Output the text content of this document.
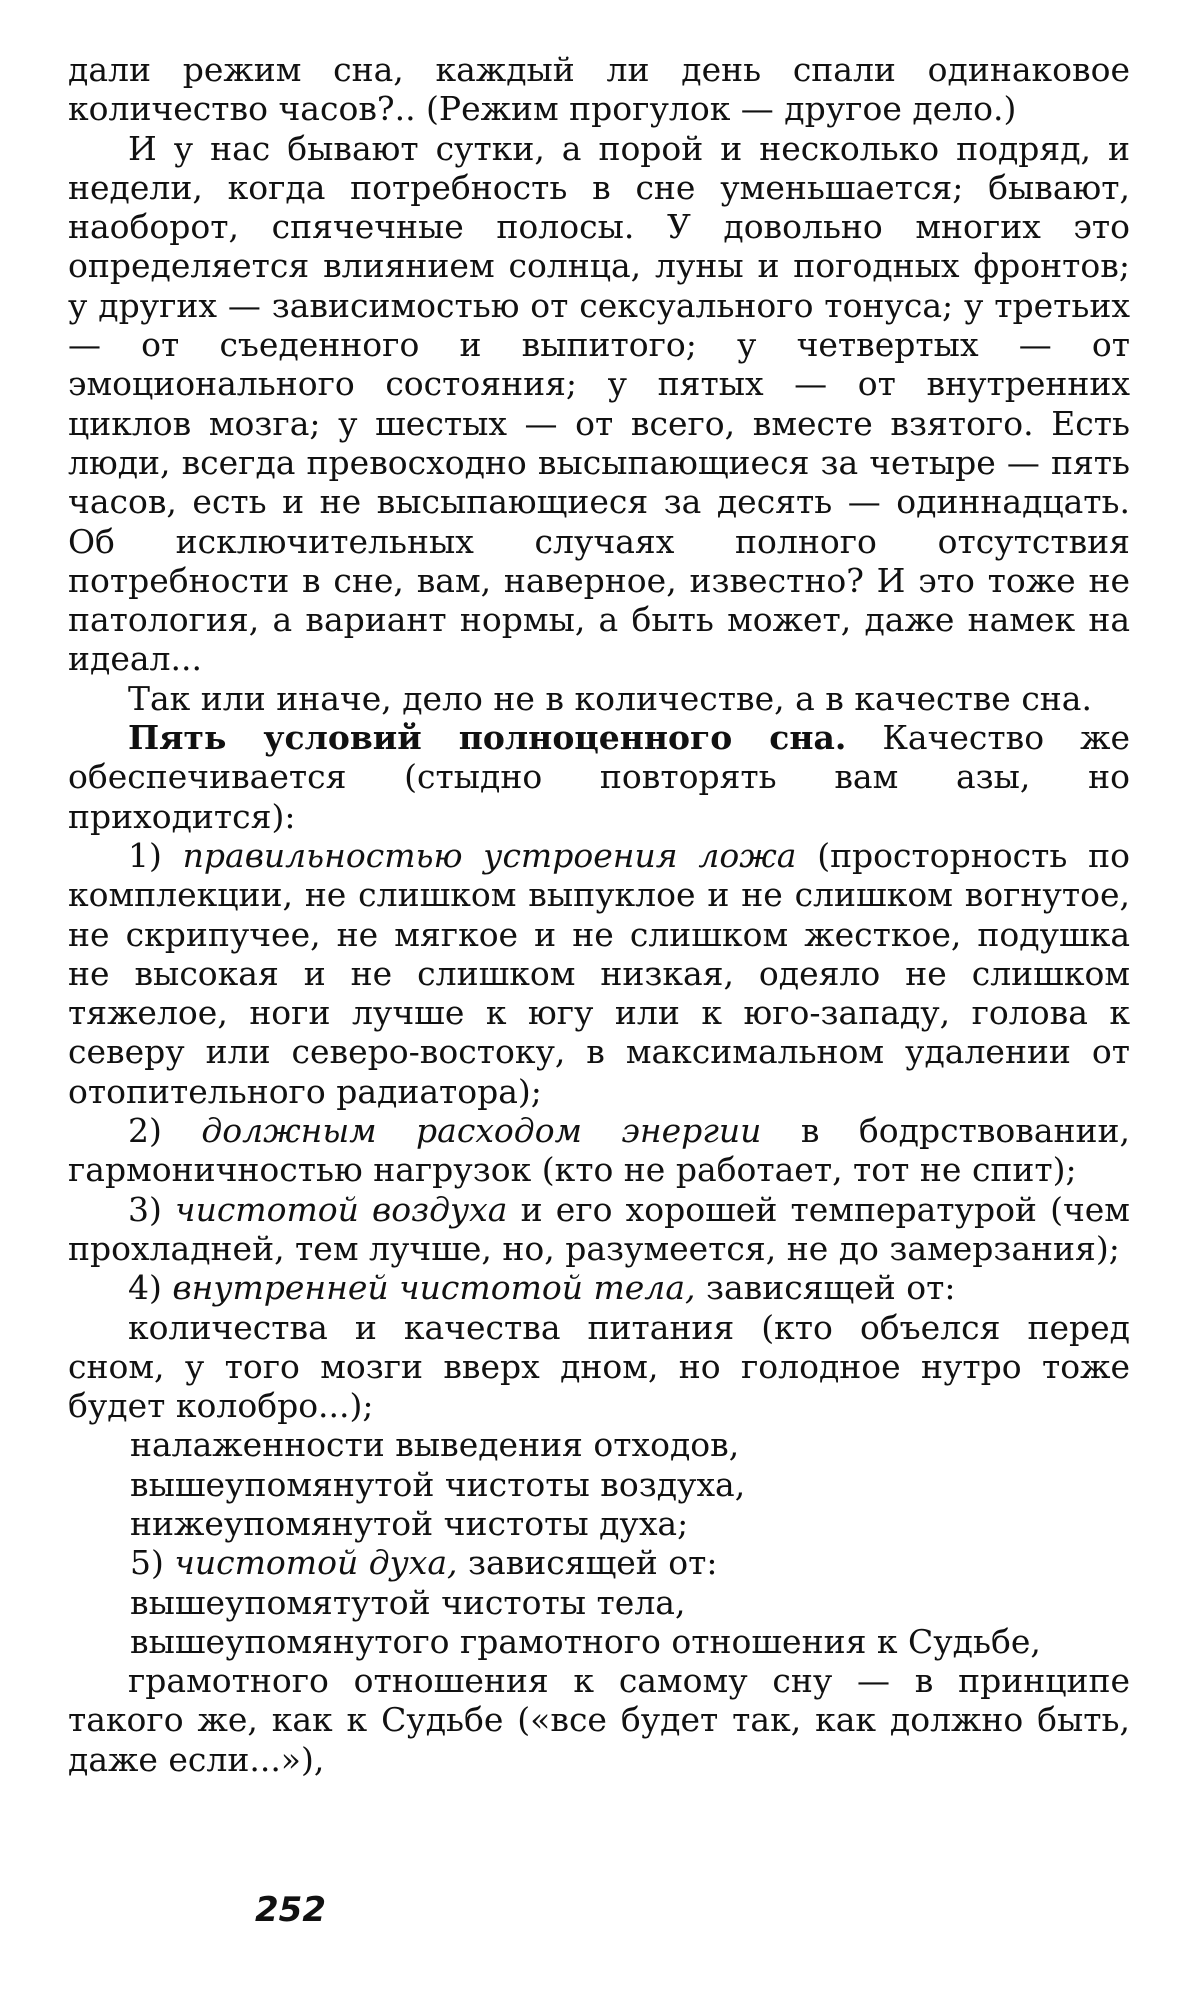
дали режим сна, каждый ли день спали одинаковое количество часов?.. (Режим прогулок — другое дело.)

И у нас бывают сутки, а порой и несколько подряд, и недели, когда потребность в сне уменьшается; бывают, наоборот, спячечные полосы. У довольно многих это определяется влиянием солнца, луны и погодных фронтов; у других — зависимостью от сексуального тонуса; у третьих — от съеденного и выпитого; у четвертых — от эмоционального состояния; у пятых — от внутренних циклов мозга; у шестых — от всего, вместе взятого. Есть люди, всегда превосходно высыпающиеся за четыре — пять часов, есть и не высыпающиеся за десять — одиннадцать. Об исключительных случаях полного отсутствия потребности в сне, вам, наверное, известно? И это тоже не патология, а вариант нормы, а быть может, даже намек на идеал...

Так или иначе, дело не в количестве, а в качестве сна.

Пять условий полноценного сна. Качество же обеспечивается (стыдно повторять вам азы, но приходится):

1) правильностью устроения ложа (просторность по комплекции, не слишком выпуклое и не слишком вогнутое, не скрипучее, не мягкое и не слишком жесткое, подушка не высокая и не слишком низкая, одеяло не слишком тяжелое, ноги лучше к югу или к юго-западу, голова к северу или северо-востоку, в максимальном удалении от отопительного радиатора);

2) должным расходом энергии в бодрствовании, гармоничностью нагрузок (кто не работает, тот не спит);

3) чистотой воздуха и его хорошей температурой (чем прохладней, тем лучше, но, разумеется, не до замерзания);

4) внутренней чистотой тела, зависящей от:

количества и качества питания (кто объелся перед сном, у того мозги вверх дном, но голодное нутро тоже будет колобро...);

налаженности выведения отходов,

вышеупомянутой чистоты воздуха,

нижеупомянутой чистоты духа;

5) чистотой духа, зависящей от:

вышеупомятутой чистоты тела,

вышеупомянутого грамотного отношения к Судьбе,

грамотного отношения к самому сну — в принципе такого же, как к Судьбе («все будет так, как должно быть, даже если...»),

252
